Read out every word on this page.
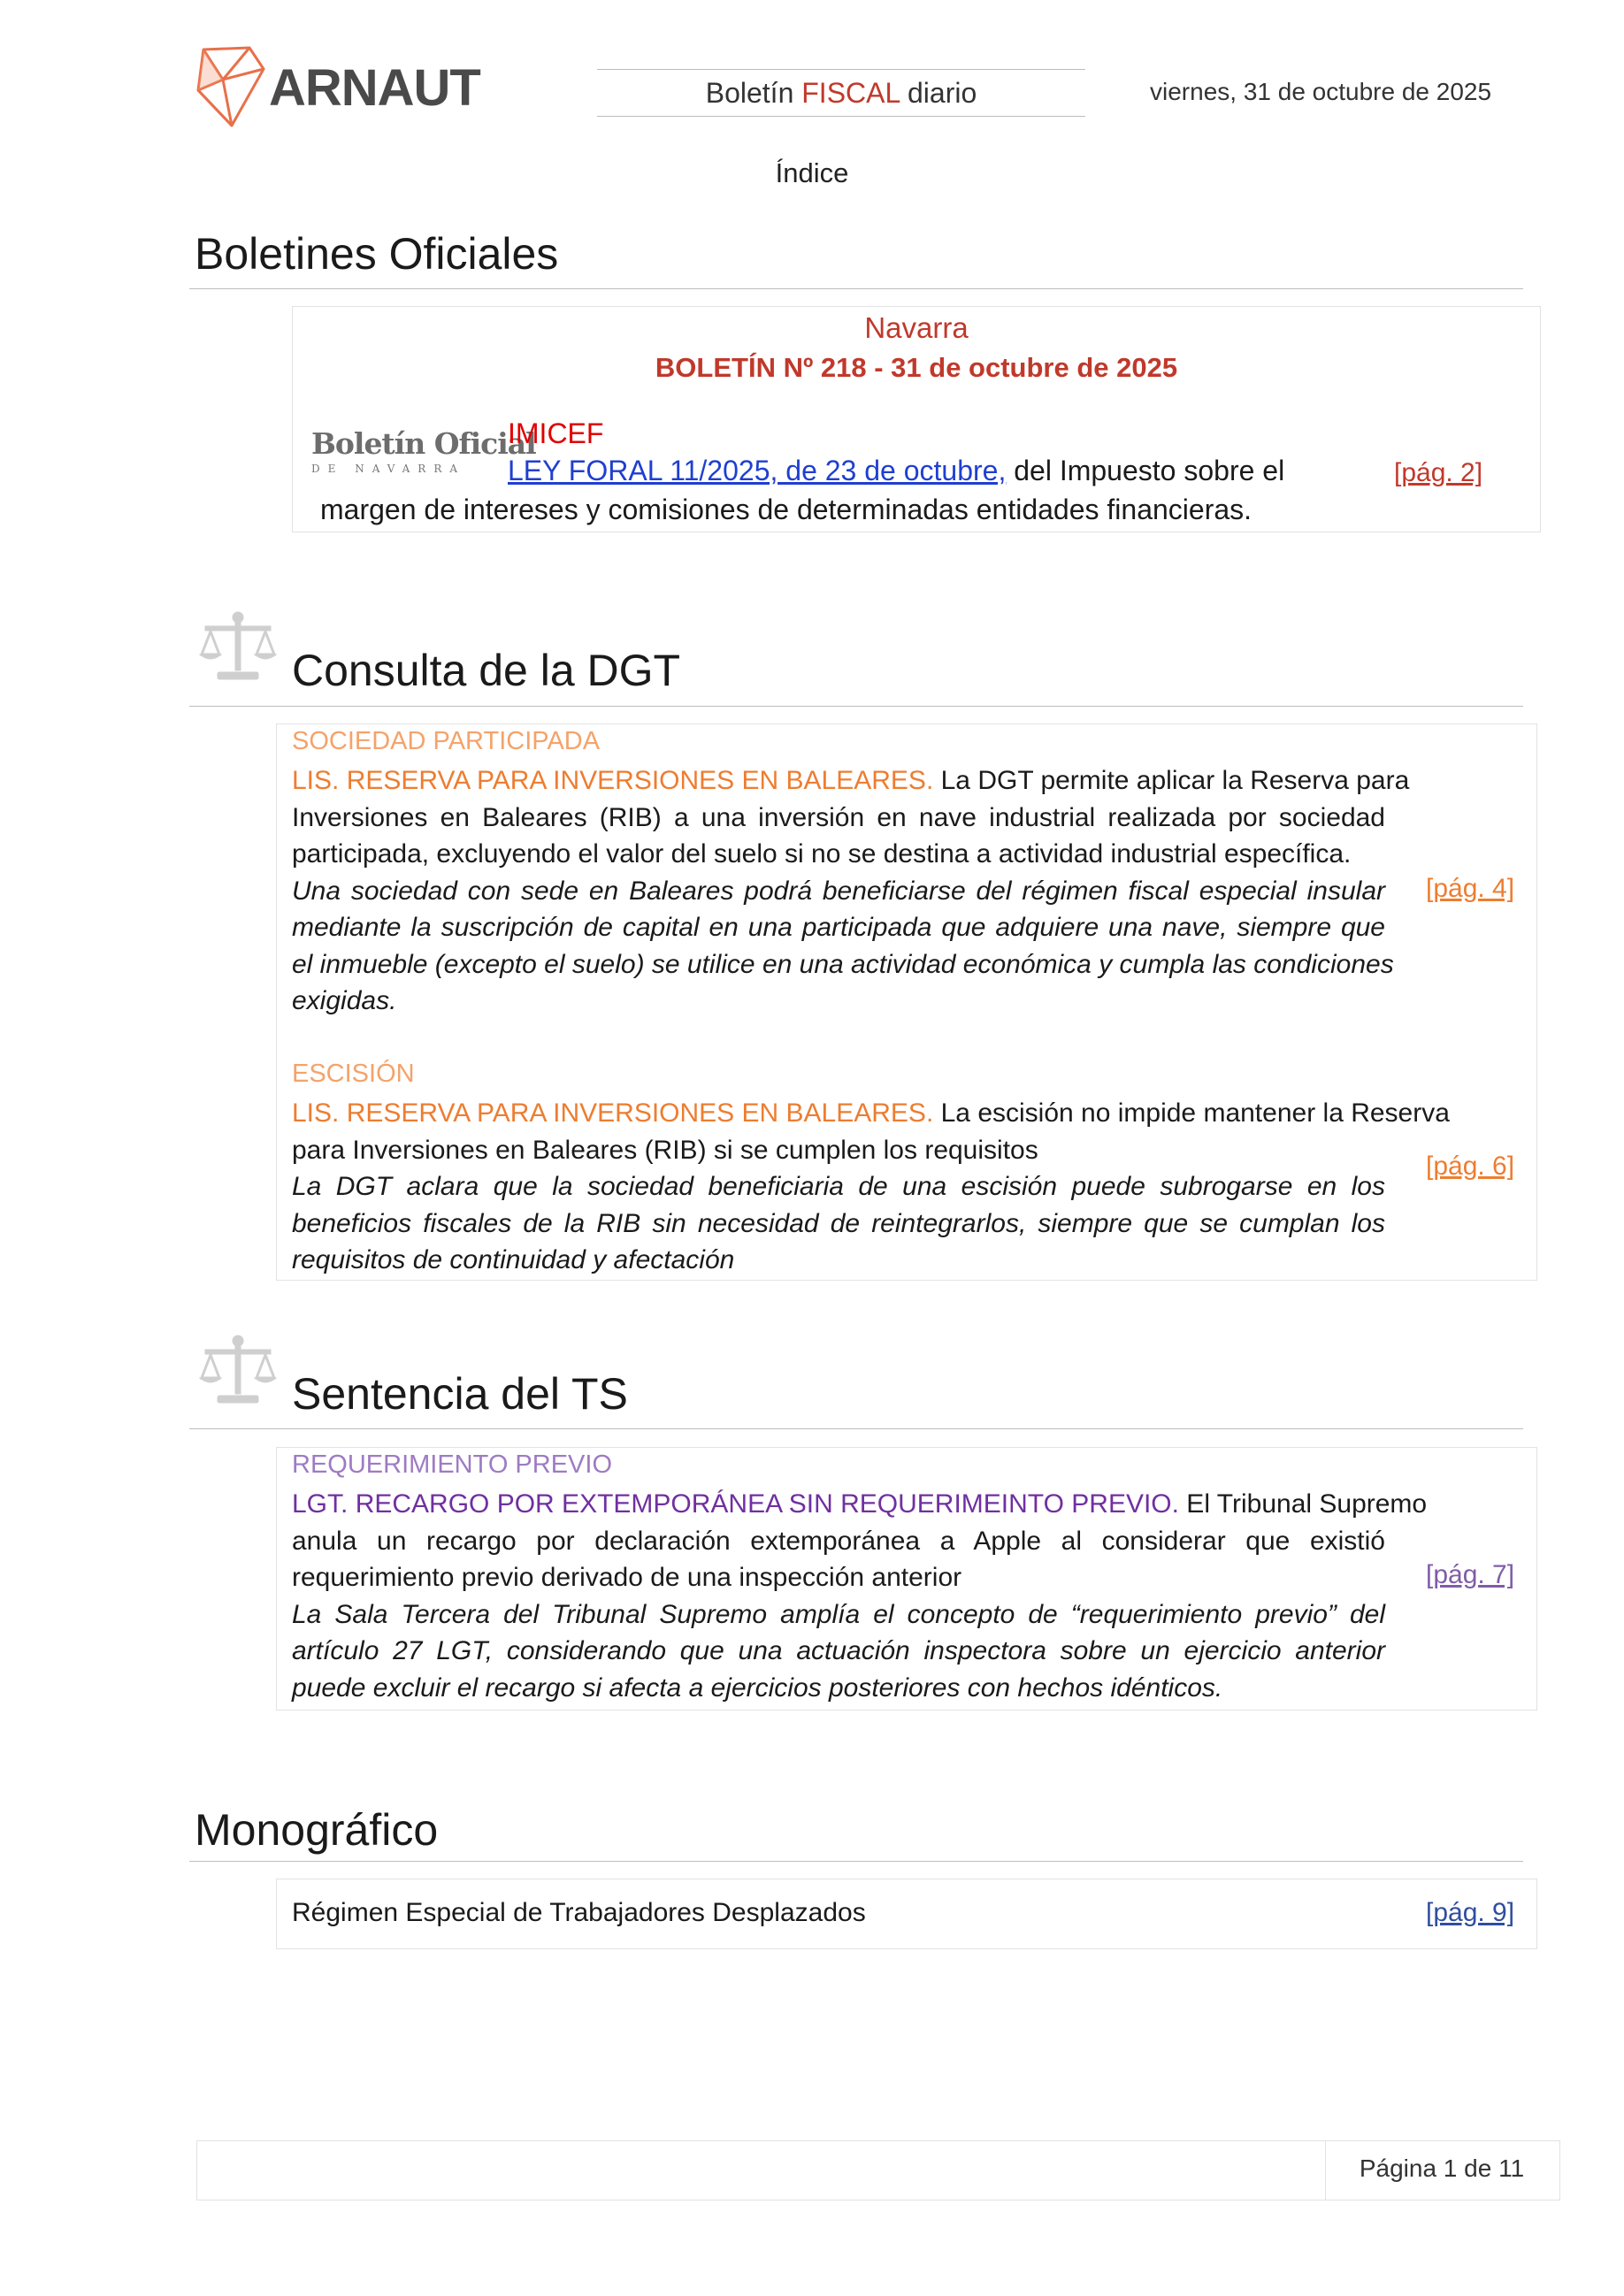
ARNAUT	Boletín FISCAL diario	viernes, 31 de octubre de 2025
Índice
Boletines Oficiales
Navarra
BOLETÍN Nº 218 - 31 de octubre de 2025
Boletín Oficial
DE NAVARRA
IMICEF
LEY FORAL 11/2025, de 23 de octubre, del Impuesto sobre el
margen de intereses y comisiones de determinadas entidades financieras.
[pág. 2]
Consulta de la DGT
SOCIEDAD PARTICIPADA
LIS. RESERVA PARA INVERSIONES EN BALEARES. La DGT permite aplicar la Reserva para
Inversiones en Baleares (RIB) a una inversión en nave industrial realizada por sociedad
participada, excluyendo el valor del suelo si no se destina a actividad industrial específica.
Una sociedad con sede en Baleares podrá beneficiarse del régimen fiscal especial insular
mediante la suscripción de capital en una participada que adquiere una nave, siempre que
el inmueble (excepto el suelo) se utilice en una actividad económica y cumpla las condiciones
exigidas.
[pág. 4]
ESCISIÓN
LIS. RESERVA PARA INVERSIONES EN BALEARES. La escisión no impide mantener la Reserva
para Inversiones en Baleares (RIB) si se cumplen los requisitos
La DGT aclara que la sociedad beneficiaria de una escisión puede subrogarse en los
beneficios fiscales de la RIB sin necesidad de reintegrarlos, siempre que se cumplan los
requisitos de continuidad y afectación
[pág. 6]
Sentencia del TS
REQUERIMIENTO PREVIO
LGT. RECARGO POR EXTEMPORÁNEA SIN REQUERIMEINTO PREVIO. El Tribunal Supremo
anula un recargo por declaración extemporánea a Apple al considerar que existió
requerimiento previo derivado de una inspección anterior
La Sala Tercera del Tribunal Supremo amplía el concepto de “requerimiento previo” del
artículo 27 LGT, considerando que una actuación inspectora sobre un ejercicio anterior
puede excluir el recargo si afecta a ejercicios posteriores con hechos idénticos.
[pág. 7]
Monográfico
Régimen Especial de Trabajadores Desplazados	[pág. 9]
Página 1 de 11
